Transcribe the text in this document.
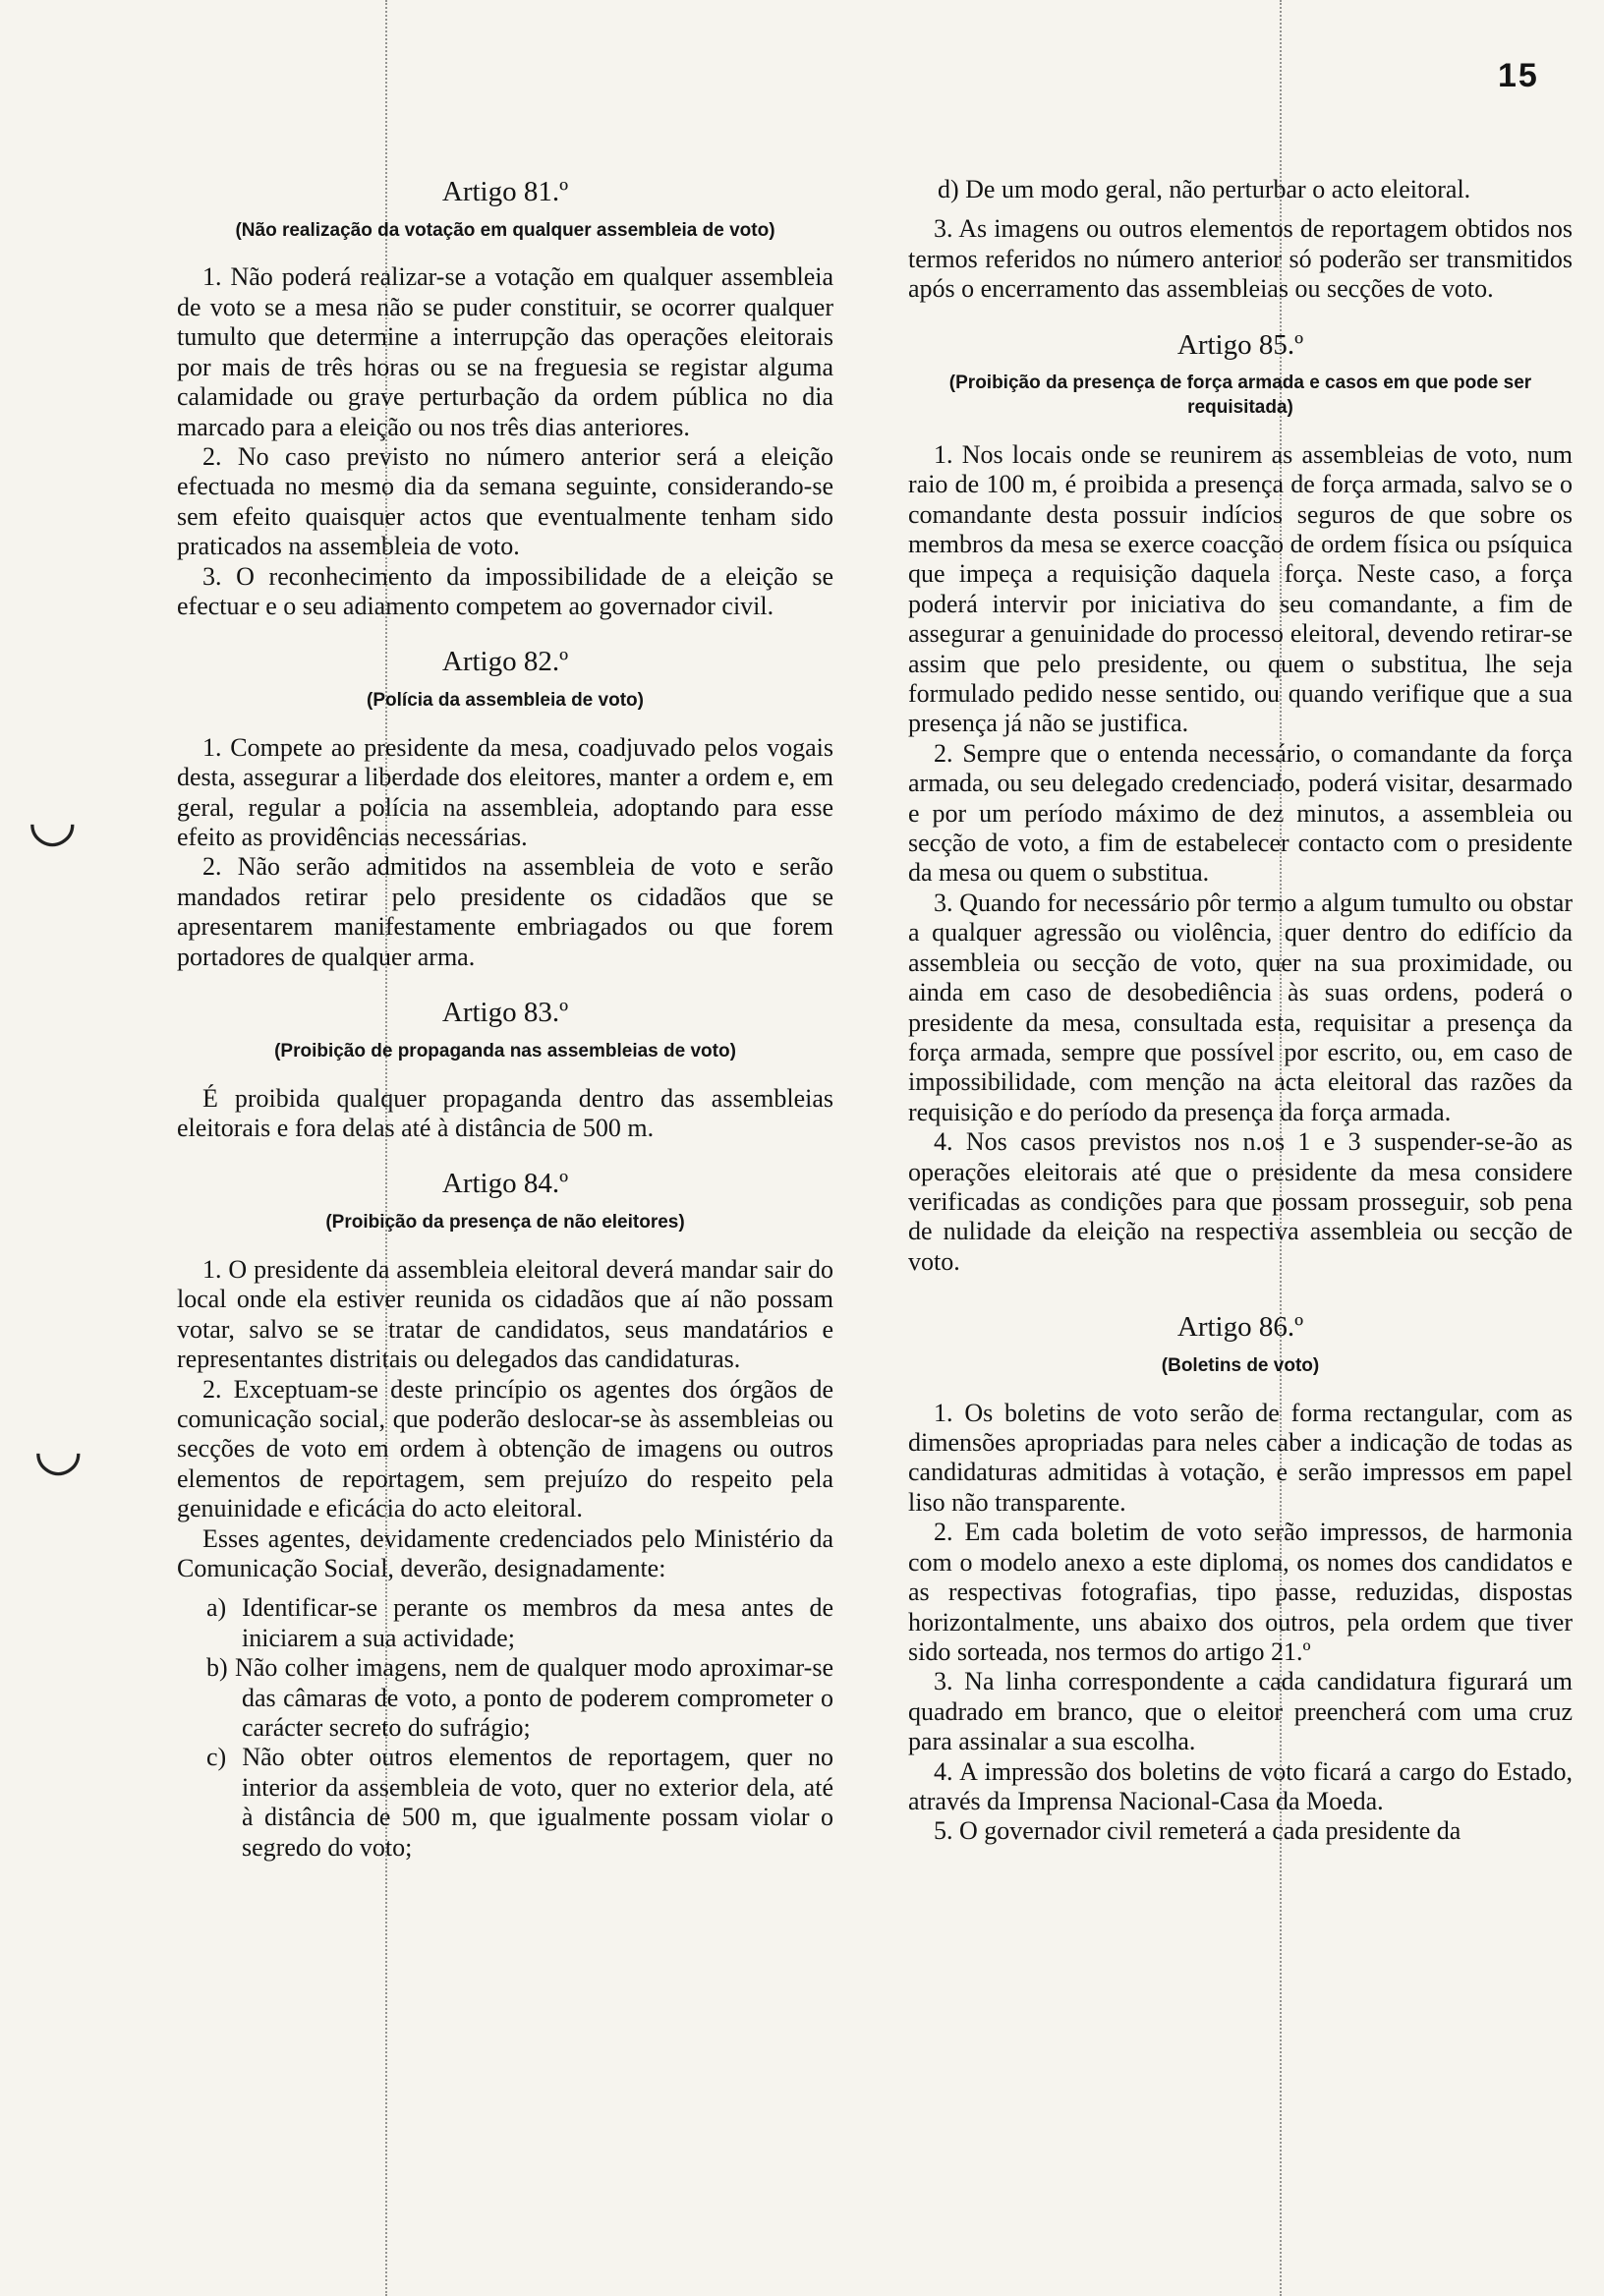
◡
◡
15
Artigo 81.º
(Não realização da votação em qualquer assembleia de voto)

1. Não poderá realizar-se a votação em qualquer assembleia de voto se a mesa não se puder constituir, se ocorrer qualquer tumulto que determine a interrupção das operações eleitorais por mais de três horas ou se na freguesia se registar alguma calamidade ou grave perturbação da ordem pública no dia marcado para a eleição ou nos três dias anteriores.

2. No caso previsto no número anterior será a eleição efectuada no mesmo dia da semana seguinte, considerando-se sem efeito quaisquer actos que eventualmente tenham sido praticados na assembleia de voto.

3. O reconhecimento da impossibilidade de a eleição se efectuar e o seu adiamento competem ao governador civil.

Artigo 82.º
(Polícia da assembleia de voto)

1. Compete ao presidente da mesa, coadjuvado pelos vogais desta, assegurar a liberdade dos eleitores, manter a ordem e, em geral, regular a polícia na assembleia, adoptando para esse efeito as providências necessárias.

2. Não serão admitidos na assembleia de voto e serão mandados retirar pelo presidente os cidadãos que se apresentarem manifestamente embriagados ou que forem portadores de qualquer arma.

Artigo 83.º
(Proibição de propaganda nas assembleias de voto)

É proibida qualquer propaganda dentro das assembleias eleitorais e fora delas até à distância de 500 m.

Artigo 84.º
(Proibição da presença de não eleitores)

1. O presidente da assembleia eleitoral deverá mandar sair do local onde ela estiver reunida os cidadãos que aí não possam votar, salvo se se tratar de candidatos, seus mandatários e representantes distritais ou delegados das candidaturas.

2. Exceptuam-se deste princípio os agentes dos órgãos de comunicação social, que poderão deslocar-se às assembleias ou secções de voto em ordem à obtenção de imagens ou outros elementos de reportagem, sem prejuízo do respeito pela genuinidade e eficácia do acto eleitoral.

Esses agentes, devidamente credenciados pelo Ministério da Comunicação Social, deverão, designadamente:

a) Identificar-se perante os membros da mesa antes de iniciarem a sua actividade;

b) Não colher imagens, nem de qualquer modo aproximar-se das câmaras de voto, a ponto de poderem comprometer o carácter secreto do sufrágio;

c) Não obter outros elementos de reportagem, quer no interior da assembleia de voto, quer no exterior dela, até à distância de 500 m, que igualmente possam violar o segredo do voto;

d) De um modo geral, não perturbar o acto eleitoral.

3. As imagens ou outros elementos de reportagem obtidos nos termos referidos no número anterior só poderão ser transmitidos após o encerramento das assembleias ou secções de voto.

Artigo 85.º
(Proibição da presença de força armada e casos em que pode ser requisitada)

1. Nos locais onde se reunirem as assembleias de voto, num raio de 100 m, é proibida a presença de força armada, salvo se o comandante desta possuir indícios seguros de que sobre os membros da mesa se exerce coacção de ordem física ou psíquica que impeça a requisição daquela força. Neste caso, a força poderá intervir por iniciativa do seu comandante, a fim de assegurar a genuinidade do processo eleitoral, devendo retirar-se assim que pelo presidente, ou quem o substitua, lhe seja formulado pedido nesse sentido, ou quando verifique que a sua presença já não se justifica.

2. Sempre que o entenda necessário, o comandante da força armada, ou seu delegado credenciado, poderá visitar, desarmado e por um período máximo de dez minutos, a assembleia ou secção de voto, a fim de estabelecer contacto com o presidente da mesa ou quem o substitua.

3. Quando for necessário pôr termo a algum tumulto ou obstar a qualquer agressão ou violência, quer dentro do edifício da assembleia ou secção de voto, quer na sua proximidade, ou ainda em caso de desobediência às suas ordens, poderá o presidente da mesa, consultada esta, requisitar a presença da força armada, sempre que possível por escrito, ou, em caso de impossibilidade, com menção na acta eleitoral das razões da requisição e do período da presença da força armada.

4. Nos casos previstos nos n.os 1 e 3 suspender-se-ão as operações eleitorais até que o presidente da mesa considere verificadas as condições para que possam prosseguir, sob pena de nulidade da eleição na respectiva assembleia ou secção de voto.

Artigo 86.º
(Boletins de voto)

1. Os boletins de voto serão de forma rectangular, com as dimensões apropriadas para neles caber a indicação de todas as candidaturas admitidas à votação, e serão impressos em papel liso não transparente.

2. Em cada boletim de voto serão impressos, de harmonia com o modelo anexo a este diploma, os nomes dos candidatos e as respectivas fotografias, tipo passe, reduzidas, dispostas horizontalmente, uns abaixo dos outros, pela ordem que tiver sido sorteada, nos termos do artigo 21.º

3. Na linha correspondente a cada candidatura figurará um quadrado em branco, que o eleitor preencherá com uma cruz para assinalar a sua escolha.

4. A impressão dos boletins de voto ficará a cargo do Estado, através da Imprensa Nacional-Casa da Moeda.

5. O governador civil remeterá a cada presidente da
